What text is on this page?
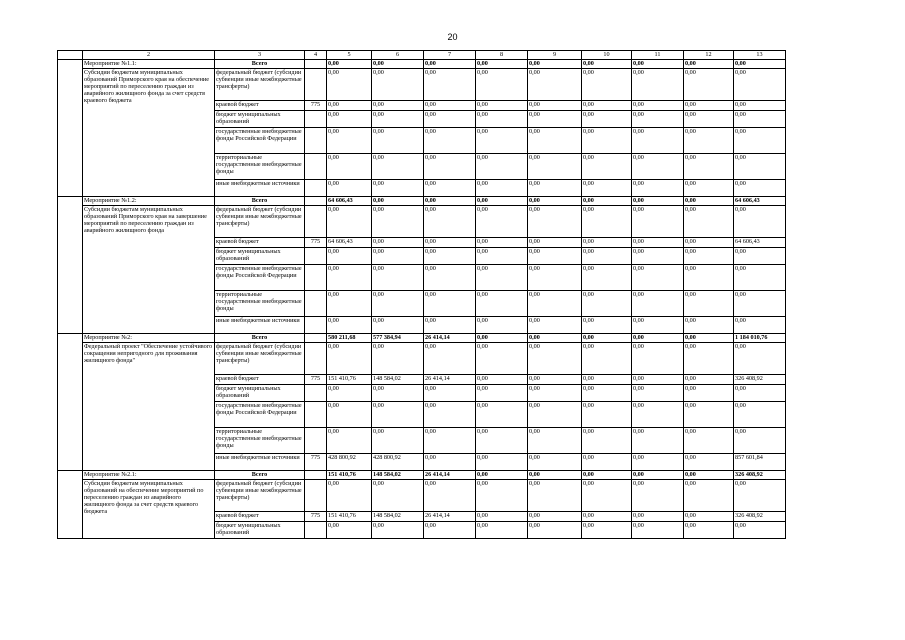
20
	2	3	4	5	6	7	8	9	10	11	12	13
	Мероприятие №1.1:	Всего		0,00	0,00	0,00	0,00	0,00	0,00	0,00	0,00	0,00
	Субсидии бюджетам муниципальных образований Приморского края на обеспечение мероприятий по переселению граждан из аварийного жилищного фонда за счет средств краевого бюджета	федеральный бюджет (субсидии субвенции иные межбюджетные трансферты)		0,00	0,00	0,00	0,00	0,00	0,00	0,00	0,00	0,00
		краевой бюджет	775	0,00	0,00	0,00	0,00	0,00	0,00	0,00	0,00	0,00
		бюджет муниципальных образований		0,00	0,00	0,00	0,00	0,00	0,00	0,00	0,00	0,00
		государственные внебюджетные фонды Российской Федерации		0,00	0,00	0,00	0,00	0,00	0,00	0,00	0,00	0,00
		территориальные государственные внебюджетные фонды		0,00	0,00	0,00	0,00	0,00	0,00	0,00	0,00	0,00
		иные внебюджетные источники		0,00	0,00	0,00	0,00	0,00	0,00	0,00	0,00	0,00
	Мероприятие №1.2:	Всего		64 606,43	0,00	0,00	0,00	0,00	0,00	0,00	0,00	64 606,43
	Субсидии бюджетам муниципальных образований Приморского края на завершение мероприятий по переселению граждан из аварийного жилищного фонда	федеральный бюджет (субсидии субвенции иные межбюджетные трансферты)		0,00	0,00	0,00	0,00	0,00	0,00	0,00	0,00	0,00
		краевой бюджет	775	64 606,43	0,00	0,00	0,00	0,00	0,00	0,00	0,00	64 606,43
		бюджет муниципальных образований		0,00	0,00	0,00	0,00	0,00	0,00	0,00	0,00	0,00
		государственные внебюджетные фонды Российской Федерации		0,00	0,00	0,00	0,00	0,00	0,00	0,00	0,00	0,00
		территориальные государственные внебюджетные фонды		0,00	0,00	0,00	0,00	0,00	0,00	0,00	0,00	0,00
		иные внебюджетные источники		0,00	0,00	0,00	0,00	0,00	0,00	0,00	0,00	0,00
	Мероприятие №2:	Всего		580 211,68	577 384,94	26 414,14	0,00	0,00	0,00	0,00	0,00	1 184 010,76
	Федеральный проект "Обеспечение устойчивого сокращения непригодного для проживания жилищного фонда"	федеральный бюджет (субсидии субвенции иные межбюджетные трансферты)		0,00	0,00	0,00	0,00	0,00	0,00	0,00	0,00	0,00
		краевой бюджет	775	151 410,76	148 584,02	26 414,14	0,00	0,00	0,00	0,00	0,00	326 408,92
		бюджет муниципальных образований		0,00	0,00	0,00	0,00	0,00	0,00	0,00	0,00	0,00
		государственные внебюджетные фонды Российской Федерации		0,00	0,00	0,00	0,00	0,00	0,00	0,00	0,00	0,00
		территориальные государственные внебюджетные фонды		0,00	0,00	0,00	0,00	0,00	0,00	0,00	0,00	0,00
		иные внебюджетные источники	775	428 800,92	428 800,92	0,00	0,00	0,00	0,00	0,00	0,00	857 601,84
	Мероприятие №2.1:	Всего		151 410,76	148 584,02	26 414,14	0,00	0,00	0,00	0,00	0,00	326 408,92
	Субсидии бюджетам муниципальных образований на обеспечение мероприятий по переселению граждан из аварийного жилищного фонда за счет средств краевого бюджета	федеральный бюджет (субсидии субвенции иные межбюджетные трансферты)		0,00	0,00	0,00	0,00	0,00	0,00	0,00	0,00	0,00
		краевой бюджет	775	151 410,76	148 584,02	26 414,14	0,00	0,00	0,00	0,00	0,00	326 408,92
		бюджет муниципальных образований		0,00	0,00	0,00	0,00	0,00	0,00	0,00	0,00	0,00
